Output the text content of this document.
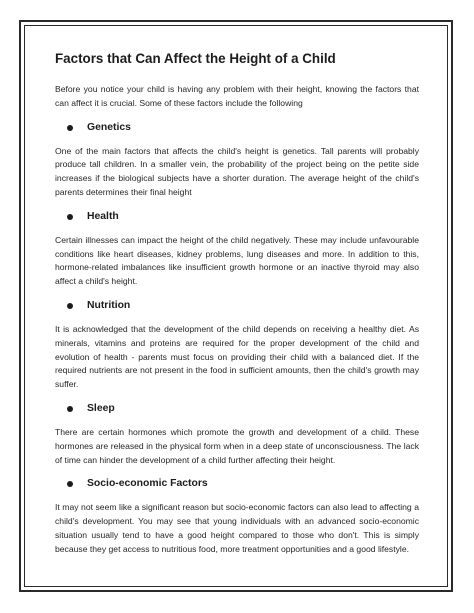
Factors that Can Affect the Height of a Child

Before you notice your child is having any problem with their height, knowing the factors that can affect it is crucial. Some of these factors include the following

Genetics

One of the main factors that affects the child's height is genetics. Tall parents will probably produce tall children. In a smaller vein, the probability of the project being on the petite side increases if the biological subjects have a shorter duration. The average height of the child's parents determines their final height

Health

Certain illnesses can impact the height of the child negatively. These may include unfavourable conditions like heart diseases, kidney problems, lung diseases and more. In addition to this, hormone-related imbalances like insufficient growth hormone or an inactive thyroid may also affect a child's height.

Nutrition

It is acknowledged that the development of the child depends on receiving a healthy diet. As minerals, vitamins and proteins are required for the proper development of the child and evolution of health - parents must focus on providing their child with a balanced diet. If the required nutrients are not present in the food in sufficient amounts, then the child's growth may suffer.

Sleep

There are certain hormones which promote the growth and development of a child. These hormones are released in the physical form when in a deep state of unconsciousness. The lack of time can hinder the development of a child further affecting their height.

Socio-economic Factors

It may not seem like a significant reason but socio-economic factors can also lead to affecting a child's development. You may see that young individuals with an advanced socio-economic situation usually tend to have a good height compared to those who don't. This is simply because they get access to nutritious food, more treatment opportunities and a good lifestyle.
